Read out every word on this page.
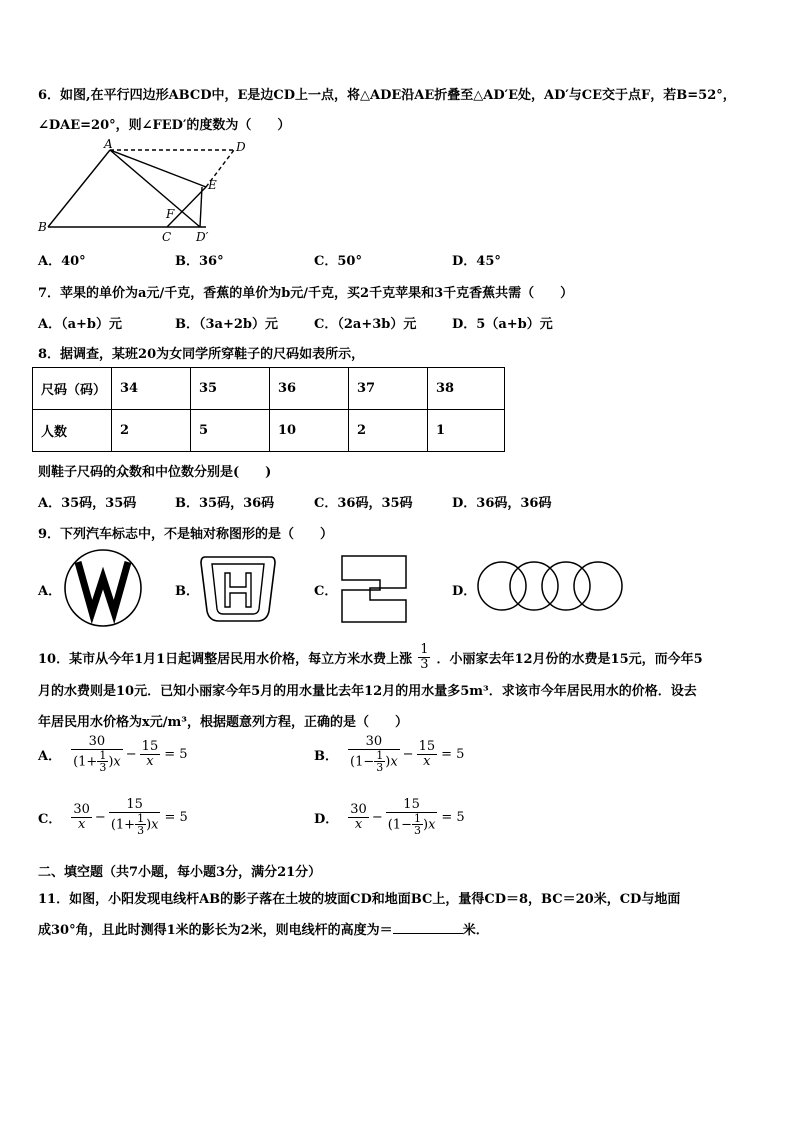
6．如图,在平行四边形ABCD中，E是边CD上一点，将△ADE沿AE折叠至△AD′E处，AD′与CE交于点F，若B=52°，
∠DAE=20°，则∠FED′的度数为（　　）
A	D
E
F
B
C D′
A．40°	B．36°	C．50°	D．45°
7．苹果的单价为a元/千克，香蕉的单价为b元/千克，买2千克苹果和3千克香蕉共需（　　）
A．（a+b）元	B．（3a+2b）元	C．（2a+3b）元	D．5（a+b）元
8．据调查，某班20为女同学所穿鞋子的尺码如表所示，
尺码（码）	34	35	36	37	38
人数	2	5	10	2	1
则鞋子尺码的众数和中位数分别是(　　)
A．35码，35码	B．35码，36码	C．36码，35码	D．36码，36码
9．下列汽车标志中，不是轴对称图形的是（　　）
A．	B．	C．	D．
10．某市从今年1月1日起调整居民用水价格，每立方米水费上涨 $\frac{1}{3}$ ．小丽家去年12月份的水费是15元，而今年5
月的水费则是10元．已知小丽家今年5月的用水量比去年12月的用水量多5m³．求该市今年居民用水的价格．设去
年居民用水价格为x元/m³，根据题意列方程，正确的是（　　）
A． $\frac{30}{(1+ \frac{1}{3} )x} - \frac{15}{x} = 5$	B． $\frac{30}{(1- \frac{1}{3} )x} - \frac{15}{x} = 5$
C． $\frac{30}{x} - \frac{15}{(1+ \frac{1}{3} )x} = 5$	D． $\frac{30}{x} - \frac{15}{(1- \frac{1}{3} )x} = 5$
二、填空题（共7小题，每小题3分，满分21分）
11．如图，小阳发现电线杆AB的影子落在土坡的坡面CD和地面BC上，量得CD＝8，BC＝20米，CD与地面
成30°角，且此时测得1米的影长为2米，则电线杆的高度为＝	米．
